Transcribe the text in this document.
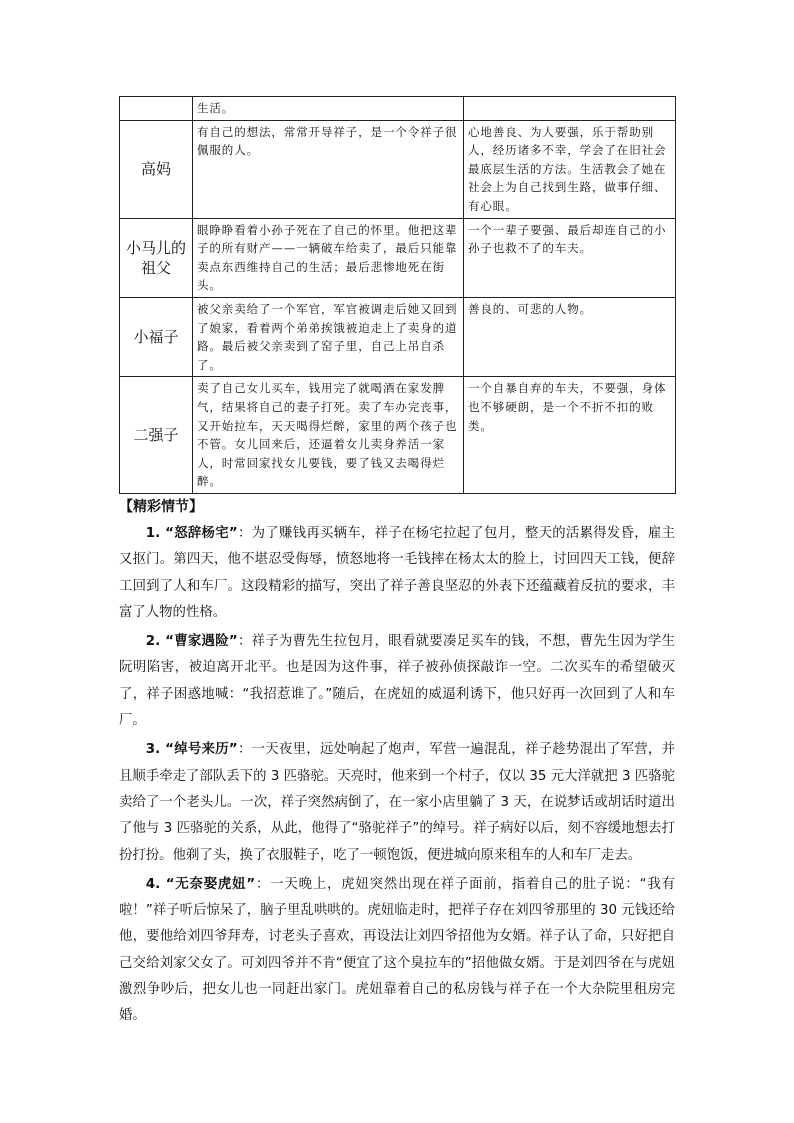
	生活。	
高妈	有自己的想法，常常开导祥子，是一个令祥子很佩服的人。	心地善良、为人要强，乐于帮助别人，经历诸多不幸，学会了在旧社会最底层生活的方法。生活教会了她在社会上为自己找到生路，做事仔细、有心眼。
小马儿的祖父	眼睁睁看着小孙子死在了自己的怀里。他把这辈子的所有财产——一辆破车给卖了，最后只能靠卖点东西维持自己的生活；最后悲惨地死在街头。	一个一辈子要强、最后却连自己的小孙子也救不了的车夫。
小福子	被父亲卖给了一个军官，军官被调走后她又回到了娘家，看着两个弟弟挨饿被迫走上了卖身的道路。最后被父亲卖到了窑子里，自己上吊自杀了。	善良的、可悲的人物。
二强子	卖了自己女儿买车，钱用完了就喝酒在家发脾气，结果将自己的妻子打死。卖了车办完丧事，又开始拉车，天天喝得烂醉，家里的两个孩子也不管。女儿回来后，还逼着女儿卖身养活一家人，时常回家找女儿要钱，要了钱又去喝得烂醉。	一个自暴自弃的车夫，不要强，身体也不够硬朗，是一个不折不扣的败类。
【精彩情节】

1. “怒辞杨宅”：为了赚钱再买辆车，祥子在杨宅拉起了包月，整天的活累得发昏，雇主又抠门。第四天，他不堪忍受侮辱，愤怒地将一毛钱摔在杨太太的脸上，讨回四天工钱，便辞工回到了人和车厂。这段精彩的描写，突出了祥子善良坚忍的外表下还蕴藏着反抗的要求，丰富了人物的性格。

2. “曹家遇险”：祥子为曹先生拉包月，眼看就要凑足买车的钱，不想，曹先生因为学生阮明陷害，被迫离开北平。也是因为这件事，祥子被孙侦探敲诈一空。二次买车的希望破灭了，祥子困惑地喊：“我招惹谁了。”随后，在虎妞的威逼利诱下，他只好再一次回到了人和车厂。

3. “绰号来历”：一天夜里，远处响起了炮声，军营一遍混乱，祥子趁势混出了军营，并且顺手牵走了部队丢下的 3 匹骆驼。天亮时，他来到一个村子，仅以 35 元大洋就把 3 匹骆驼卖给了一个老头儿。一次，祥子突然病倒了，在一家小店里躺了 3 天，在说梦话或胡话时道出了他与 3 匹骆驼的关系，从此，他得了“骆驼祥子”的绰号。祥子病好以后，刻不容缓地想去打扮打扮。他剃了头，换了衣服鞋子，吃了一顿饱饭，便进城向原来租车的人和车厂走去。

4. “无奈娶虎妞”：一天晚上，虎妞突然出现在祥子面前，指着自己的肚子说：“我有啦！”祥子听后惊呆了，脑子里乱哄哄的。虎妞临走时，把祥子存在刘四爷那里的 30 元钱还给他，要他给刘四爷拜寿，讨老头子喜欢，再设法让刘四爷招他为女婿。祥子认了命，只好把自己交给刘家父女了。可刘四爷并不肯“便宜了这个臭拉车的”招他做女婿。于是刘四爷在与虎妞激烈争吵后，把女儿也一同赶出家门。虎妞靠着自己的私房钱与祥子在一个大杂院里租房完婚。
